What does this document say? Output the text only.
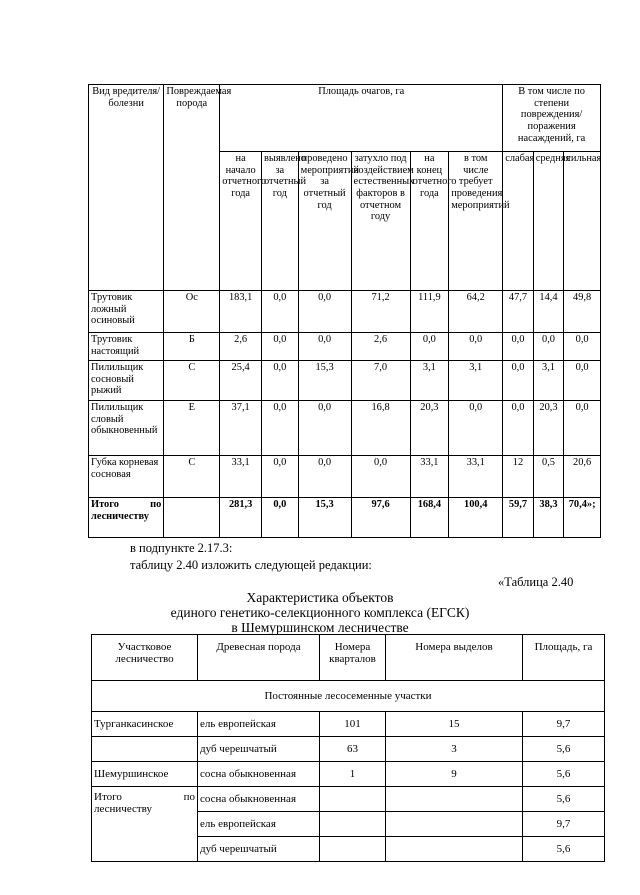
Вид вредителя/болезни	Повреждаемая порода	Площадь очагов, га						В том числе по степени повреждения/поражения насаждений, га		
		на начало отчетного года	выявлено за отчетный год	проведено мероприятий за отчетный год	затухло под воздействием естественных факторов в отчетном году	на конец отчетного года	в том числе требует проведения мероприятий	слабая	средняя	сильная
Трутовик ложный осиновый	Ос	183,1	0,0	0,0	71,2	111,9	64,2	47,7	14,4	49,8
Трутовик настоящий	Б	2,6	0,0	0,0	2,6	0,0	0,0	0,0	0,0	0,0
Пилильщик сосновый рыжий	С	25,4	0,0	15,3	7,0	3,1	3,1	0,0	3,1	0,0
Пилильщик словый обыкновенный	Е	37,1	0,0	0,0	16,8	20,3	0,0	0,0	20,3	0,0
Губка корневая сосновая	С	33,1	0,0	0,0	0,0	33,1	33,1	12	0,5	20,6

Итого по
лесничеству		281,3	0,0	15,3	97,6	168,4	100,4	59,7	38,3	70,4»;
в подпункте 2.17.3:
таблицу 2.40 изложить следующей редакции:
«Таблица 2.40
Характеристика объектов
единого генетико-селекционного комплекса (ЕГСК)
в Шемуршинском лесничестве
Участковое лесничество	Древесная порода	Номера кварталов	Номера выделов	Площадь, га
Постоянные лесосеменные участки				
Турганкасинское	ель европейская	101	15	9,7
	дуб черешчатый	63	3	5,6
Шемуршинское	сосна обыкновенная	1	9	5,6

Итого по
лесничеству	сосна обыкновенная			5,6
	ель европейская			9,7
	дуб черешчатый			5,6
